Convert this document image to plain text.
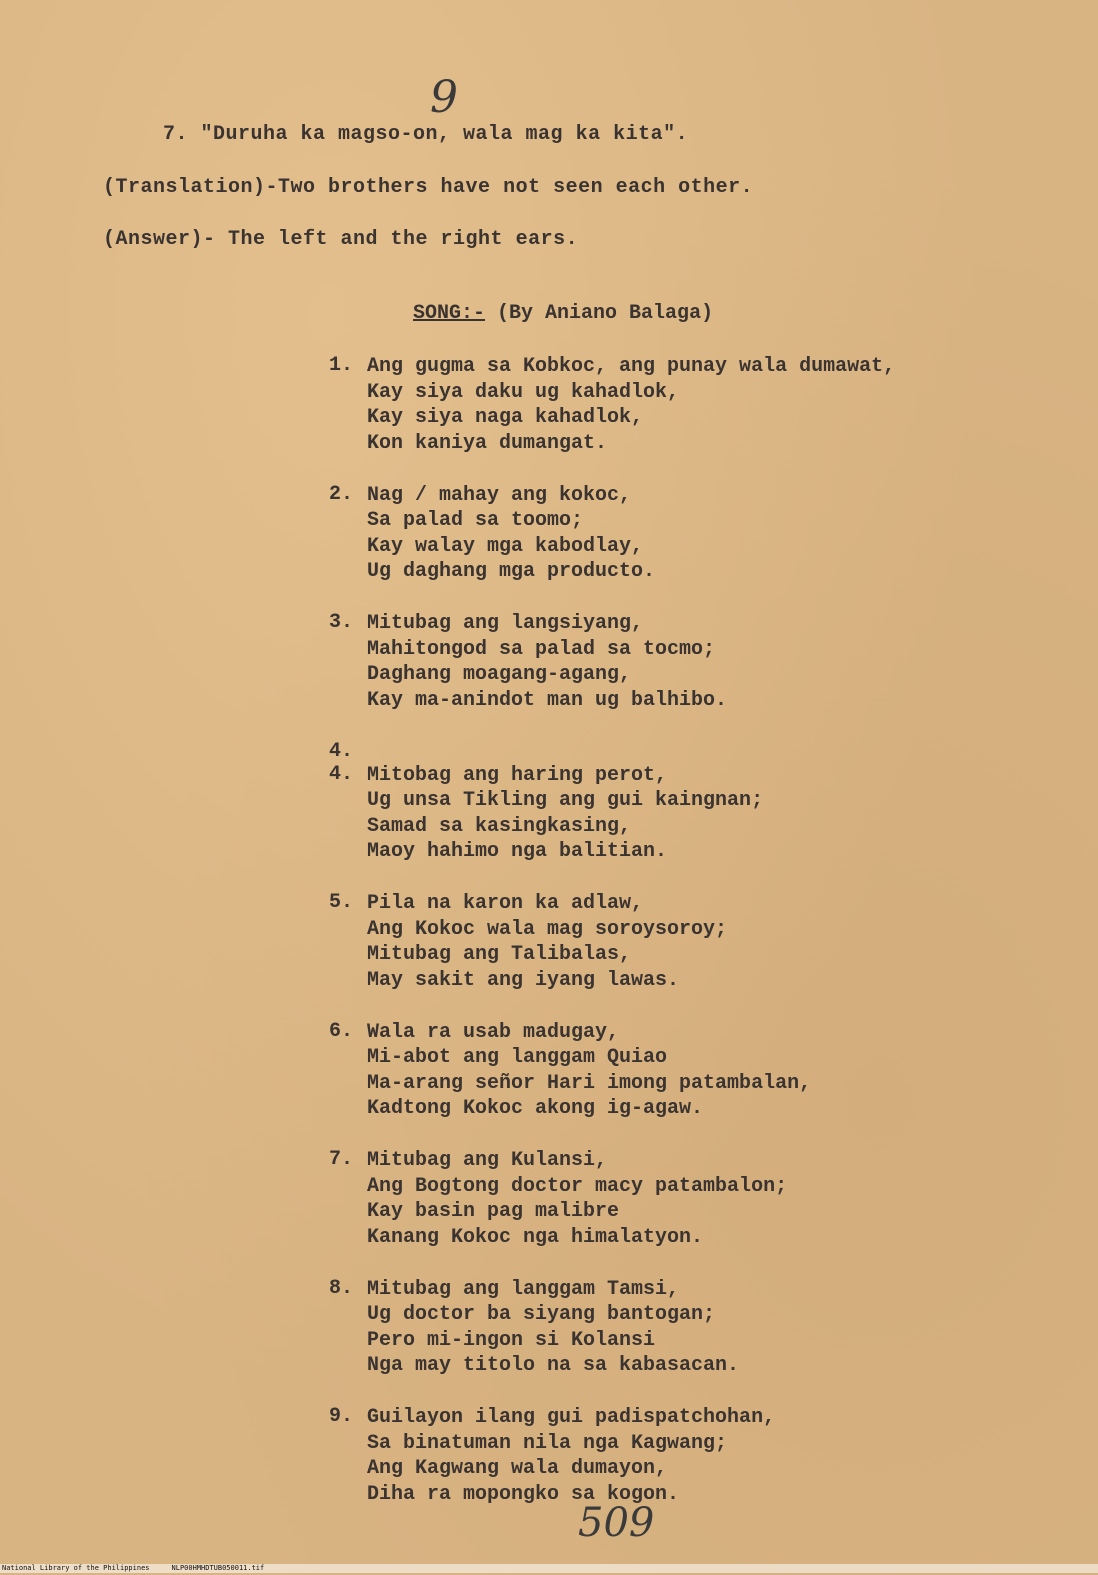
9
7. "Duruha ka magso-on, wala mag ka kita".
(Translation)-Two brothers have not seen each other.
(Answer)- The left and the right ears.
SONG:- (By Aniano Balaga)
1. Ang gugma sa Kobkoc, ang punay wala dumawat,
Kay siya daku ug kahadlok,
Kay siya naga kahadlok,
Kon kaniya dumangat.
2. Nag / mahay ang kokoc,
Sa palad sa toomo;
Kay walay mga kabodlay,
Ug daghang mga producto.
3. Mitubag ang langsiyang,
Mahitongod sa palad sa tocmo;
Daghang moagang-agang,
Kay ma-anindot man ug balhibo.
4.
4. Mitobag ang haring perot,
Ug unsa Tikling ang gui kaingnan;
Samad sa kasingkasing,
Maoy hahimo nga balitian.
5. Pila na karon ka adlaw,
Ang Kokoc wala mag soroysoroy;
Mitubag ang Talibalas,
May sakit ang iyang lawas.
6. Wala ra usab madugay,
Mi-abot ang langgam Quiao
Ma-arang señor Hari imong patambalan,
Kadtong Kokoc akong ig-agaw.
7. Mitubag ang Kulansi,
Ang Bogtong doctor macy patambalon;
Kay basin pag malibre
Kanang Kokoc nga himalatyon.
8. Mitubag ang langgam Tamsi,
Ug doctor ba siyang bantogan;
Pero mi-ingon si Kolansi
Nga may titolo na sa kabasacan.
9. Guilayon ilang gui padispatchohan,
Sa binatuman nila nga Kagwang;
Ang Kagwang wala dumayon,
Diha ra mopongko sa kogon.
509
National Library of the Philippines	NLP00HMHDTUB050011.tif
